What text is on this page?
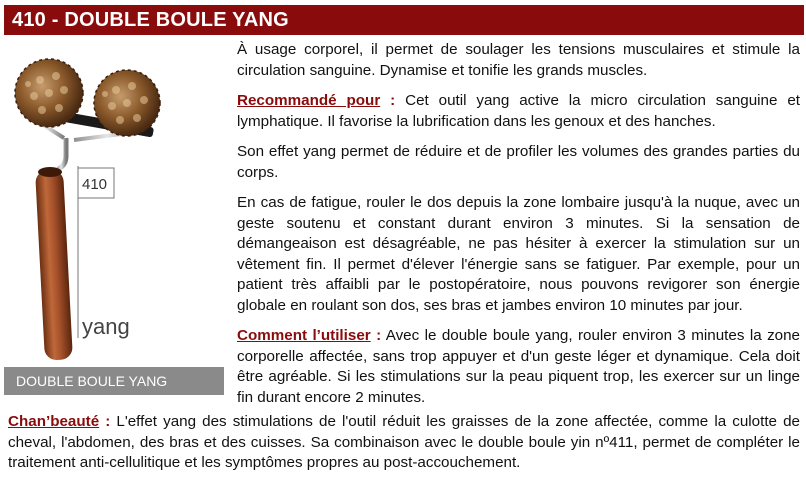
410 - DOUBLE BOULE YANG
410
yang
DOUBLE BOULE YANG

À usage corporel, il permet de soulager les tensions musculaires et stimule la circulation sanguine. Dynamise et tonifie les grands muscles.

Recommandé pour : Cet outil yang active la micro circulation sanguine et lymphatique. Il favorise la lubrification dans les genoux et des hanches.

Son effet yang permet de réduire et de profiler les volumes des grandes parties du corps.

En cas de fatigue, rouler le dos depuis la zone lombaire jusqu'à la nuque, avec un geste soutenu et constant durant environ 3 minutes. Si la sensation de démangeaison est désagréable, ne pas hésiter à exercer la stimulation sur un vêtement fin. Il permet d'élever l'énergie sans se fatiguer. Par exemple, pour un patient très affaibli par le postopératoire, nous pouvons revigorer son énergie globale en roulant son dos, ses bras et jambes environ 10 minutes par jour.

Comment l’utiliser : Avec le double boule yang, rouler environ 3 minutes la zone corporelle affectée, sans trop appuyer et d'un geste léger et dynamique. Cela doit être agréable. Si les stimulations sur la peau piquent trop, les exercer sur un linge fin durant encore 2 minutes.

Chan’beauté : L'effet yang des stimulations de l'outil réduit les graisses de la zone affectée, comme la culotte de cheval, l'abdomen, des bras et des cuisses. Sa combinaison avec le double boule yin nº411, permet de compléter le traitement anti-cellulitique et les symptômes propres au post-accouchement.
